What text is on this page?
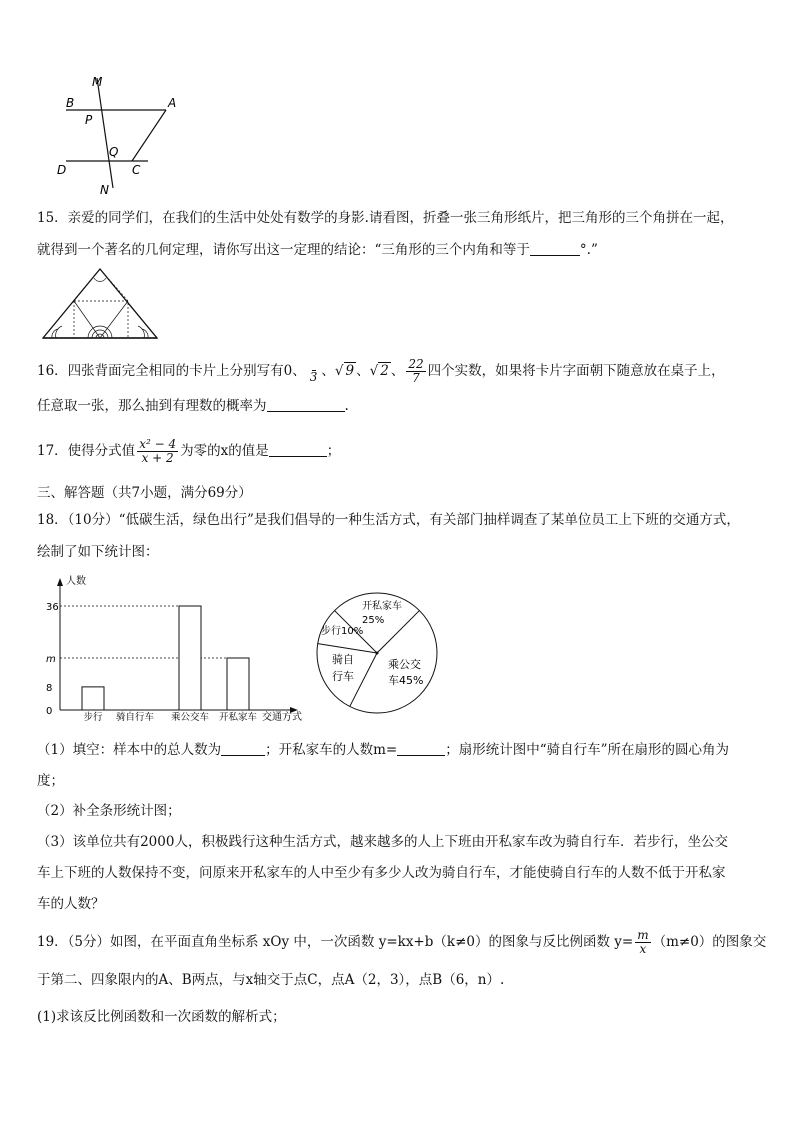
M
B	A
P
Q
C
D
N
15．亲爱的同学们，在我们的生活中处处有数学的身影.请看图，折叠一张三角形纸片，把三角形的三个角拼在一起，
就得到一个著名的几何定理，请你写出这一定理的结论：“三角形的三个内角和等于	°.”
16．四张背面完全相同的卡片上分别写有0、 3 、√ 9 、√ 2 、 $\frac{22}{7}$ 四个实数，如果将卡片字面朝下随意放在桌子上，
任意取一张，那么抽到有理数的概率为	.
17．使得分式值 $\frac{\text{x² − 4}}{x + 2}$ 为零的x的值是	；
三、解答题（共7小题，满分69分）
18．（10分）“低碳生活，绿色出行”是我们倡导的一种生活方式，有关部门抽样调查了某单位员工上下班的交通方式，
绘制了如下统计图：
人数
交通方式
0
8
m
36
步行 骑自行车 乘公交车 开私家车
开私家车
25%
步行10%
骑自
行车
乘公交
车45%
（1）填空：样本中的总人数为	；开私家车的人数m=	；扇形统计图中“骑自行车”所在扇形的圆心角为
度；
（2）补全条形统计图；
（3）该单位共有2000人，积极践行这种生活方式，越来越多的人上下班由开私家车改为骑自行车．若步行，坐公交
车上下班的人数保持不变，问原来开私家车的人中至少有多少人改为骑自行车，才能使骑自行车的人数不低于开私家
车的人数？
19．（5分）如图，在平面直角坐标系 xOy 中，一次函数 y=kx+b（k≠0）的图象与反比例函数 $y= \frac{m}{x} (m\ne 0)$的图象交
于第二、四象限内的A、B两点，与x轴交于点C，点A（2，3），点B（6，n）.
(1)求该反比例函数和一次函数的解析式；
